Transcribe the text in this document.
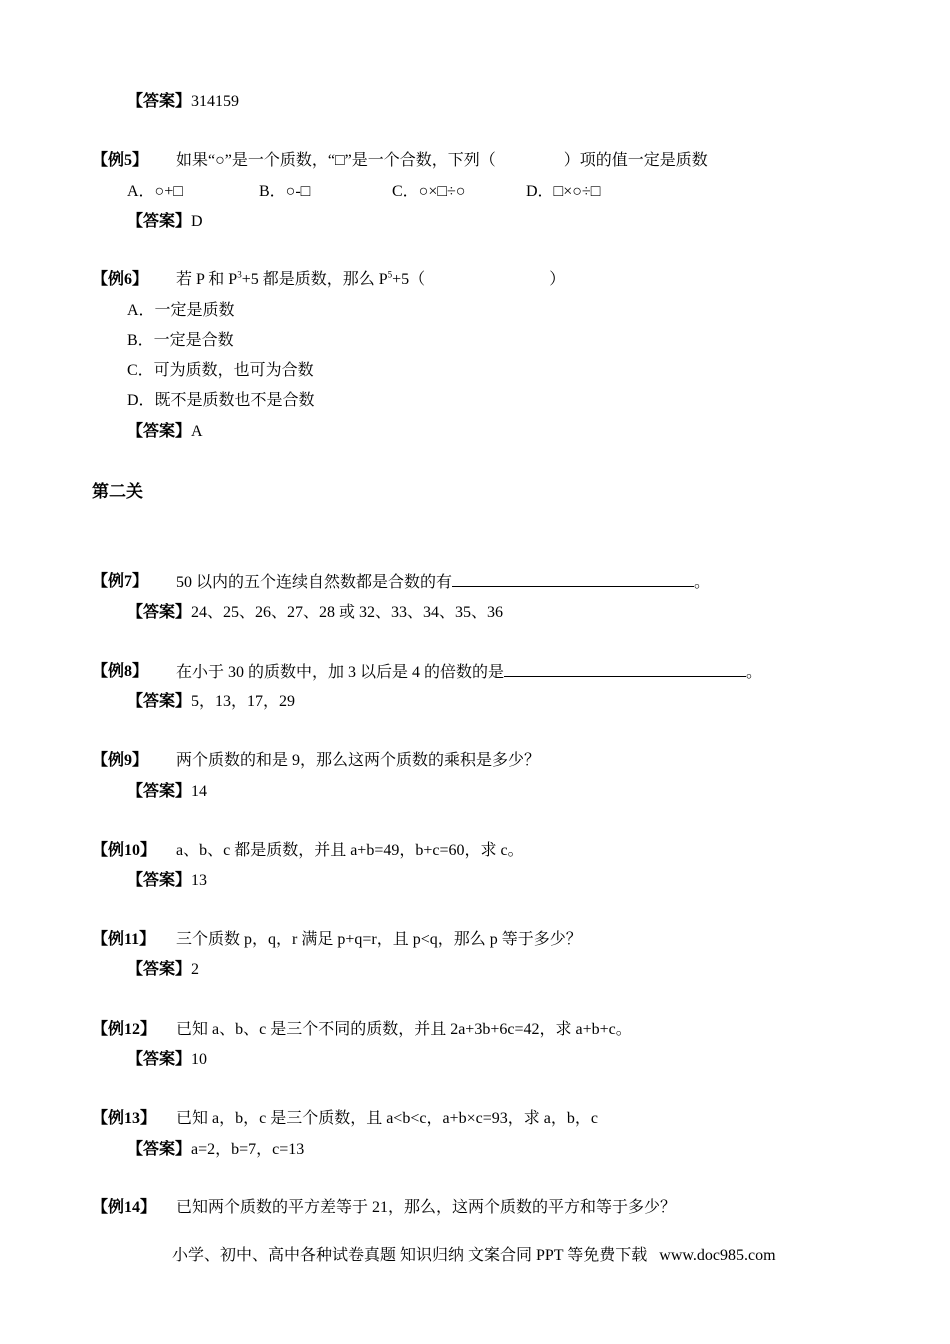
【答案】314159
【例5】 如果“○”是一个质数，“□”是一个合数，下列（	）项的值一定是质数
A．○+□	B．○-□	C．○×□÷○	D．□×○÷□
【答案】D
【例6】 若 P 和 $P^3+5$ 都是质数，那么 $P^5+5$（	）
A．一定是质数
B．一定是合数
C．可为质数，也可为合数
D．既不是质数也不是合数
【答案】A
第二关
【例7】 50 以内的五个连续自然数都是合数的有	。
【答案】24、25、26、27、28 或 32、33、34、35、36
【例8】 在小于 30 的质数中，加 3 以后是 4 的倍数的是	。
【答案】5，13，17，29
【例9】 两个质数的和是 9，那么这两个质数的乘积是多少？
【答案】14
【例10】 a、b、c 都是质数，并且 a+b=49，b+c=60，求 c。
【答案】13
【例11】 三个质数 p，q，r 满足 p+q=r，且 p<q，那么 p 等于多少？
【答案】2
【例12】 已知 a、b、c 是三个不同的质数，并且 2a+3b+6c=42，求 a+b+c。
【答案】10
【例13】 已知 a，b，c 是三个质数，且 a<b<c，a+b×c=93，求 a，b，c
【答案】a=2，b=7，c=13
【例14】 已知两个质数的平方差等于 21，那么，这两个质数的平方和等于多少？
小学、初中、高中各种试卷真题 知识归纳 文案合同 PPT 等免费下载   www.doc985.com
